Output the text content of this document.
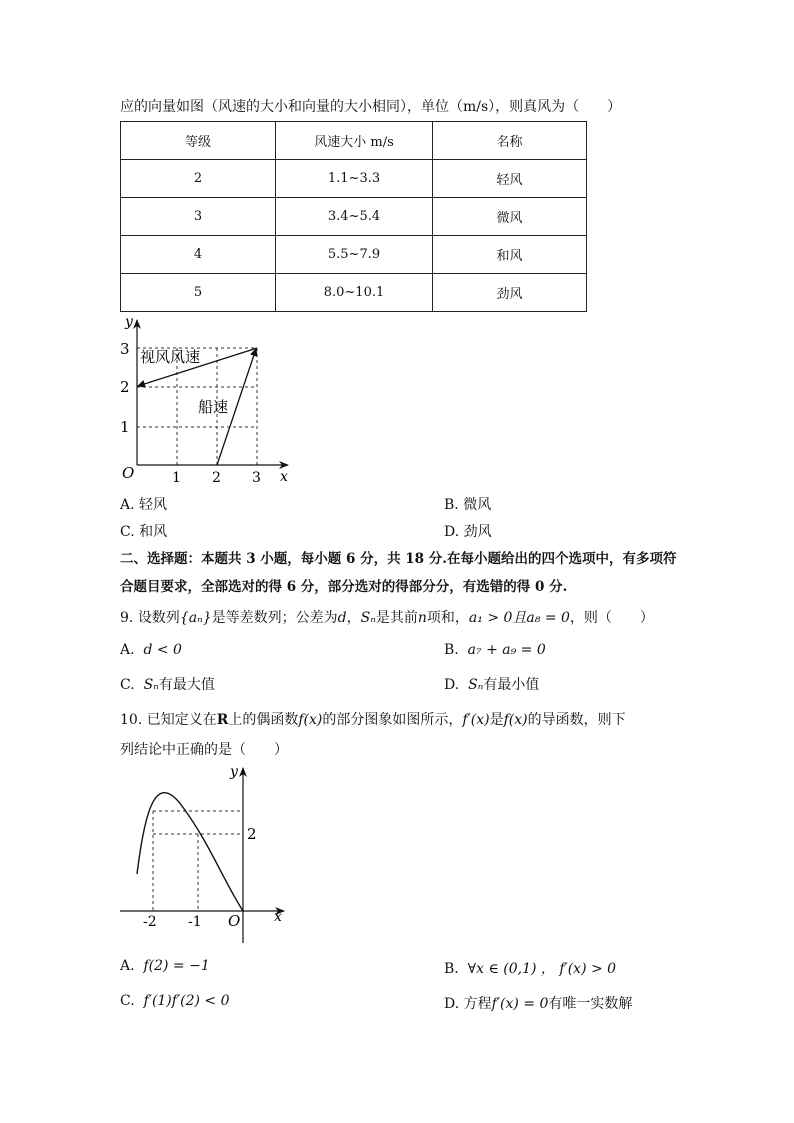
应的向量如图（风速的大小和向量的大小相同），单位（m/s），则真风为（　　）
等级	风速大小 m/s	名称
2	1.1~3.3	轻风
3	3.4~5.4	微风
4	5.5~7.9	和风
5	8.0~10.1	劲风
y
x
O	1 2 3
1
2
3 视风风速
船速
A. 轻风	B. 微风
C. 和风	D. 劲风
二、选择题：本题共 3 小题，每小题 6 分，共 18 分.在每小题给出的四个选项中，有多项符
合题目要求，全部选对的得 6 分，部分选对的得部分分，有选错的得 0 分.
9. 设数列{aₙ}是等差数列；公差为d，Sₙ是其前n项和，a₁ > 0且a₈ = 0，则（　　）
A. d < 0	B. a₇ + a₉ = 0
C. Sₙ有最大值	D. Sₙ有最小值
10. 已知定义在R上的偶函数f(x)的部分图象如图所示，f′(x)是f(x)的导函数，则下
列结论中正确的是（　　）
y
x
O
-2 -1
2
A. f(2) = −1	B. ∀x ∈ (0,1) ， f′(x) > 0
C. f′(1)f′(2) < 0	D. 方程f′(x) = 0有唯一实数解
